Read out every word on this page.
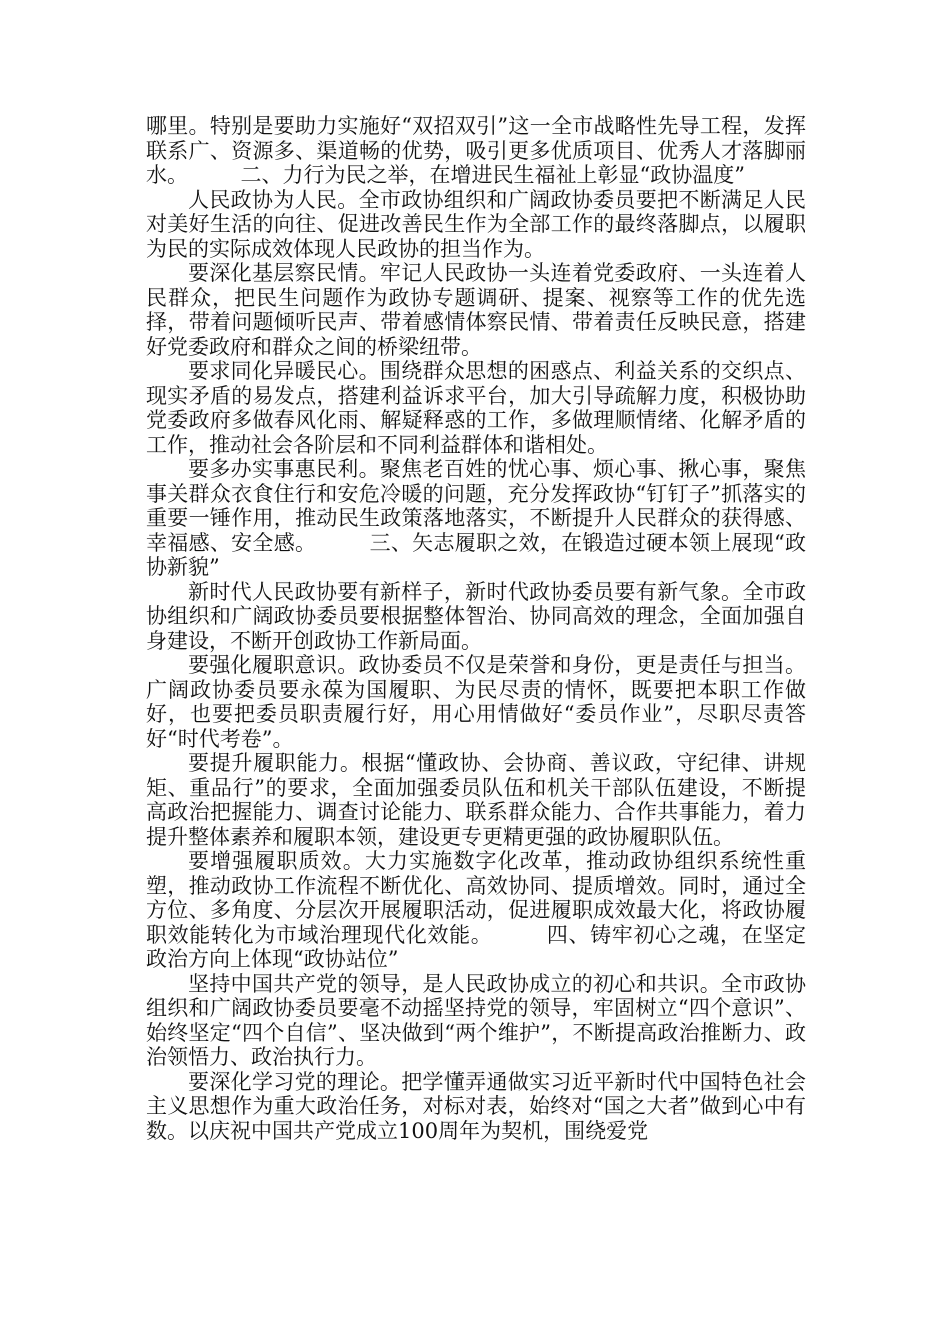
哪里。特别是要助力实施好“双招双引”这一全市战略性先导工程，发挥联系广、资源多、渠道畅的优势，吸引更多优质项目、优秀人才落脚丽水。　　　二、力行为民之举，在增进民生福祉上彰显“政协温度”

人民政协为人民。全市政协组织和广阔政协委员要把不断满足人民对美好生活的向往、促进改善民生作为全部工作的最终落脚点，以履职为民的实际成效体现人民政协的担当作为。

要深化基层察民情。牢记人民政协一头连着党委政府、一头连着人民群众，把民生问题作为政协专题调研、提案、视察等工作的优先选择，带着问题倾听民声、带着感情体察民情、带着责任反映民意，搭建好党委政府和群众之间的桥梁纽带。

要求同化异暖民心。围绕群众思想的困惑点、利益关系的交织点、现实矛盾的易发点，搭建利益诉求平台，加大引导疏解力度，积极协助党委政府多做春风化雨、解疑释惑的工作，多做理顺情绪、化解矛盾的工作，推动社会各阶层和不同利益群体和谐相处。

要多办实事惠民利。聚焦老百姓的忧心事、烦心事、揪心事，聚焦事关群众衣食住行和安危冷暖的问题，充分发挥政协“钉钉子”抓落实的重要一锤作用，推动民生政策落地落实，不断提升人民群众的获得感、幸福感、安全感。　　　三、矢志履职之效，在锻造过硬本领上展现“政协新貌”

新时代人民政协要有新样子，新时代政协委员要有新气象。全市政协组织和广阔政协委员要根据整体智治、协同高效的理念，全面加强自身建设，不断开创政协工作新局面。

要强化履职意识。政协委员不仅是荣誉和身份，更是责任与担当。广阔政协委员要永葆为国履职、为民尽责的情怀，既要把本职工作做好，也要把委员职责履行好，用心用情做好“委员作业”，尽职尽责答好“时代考卷”。

要提升履职能力。根据“懂政协、会协商、善议政，守纪律、讲规矩、重品行”的要求，全面加强委员队伍和机关干部队伍建设，不断提高政治把握能力、调查讨论能力、联系群众能力、合作共事能力，着力提升整体素养和履职本领，建设更专更精更强的政协履职队伍。

要增强履职质效。大力实施数字化改革，推动政协组织系统性重塑，推动政协工作流程不断优化、高效协同、提质增效。同时，通过全方位、多角度、分层次开展履职活动，促进履职成效最大化，将政协履职效能转化为市域治理现代化效能。　　　四、铸牢初心之魂，在坚定政治方向上体现“政协站位”

坚持中国共产党的领导，是人民政协成立的初心和共识。全市政协组织和广阔政协委员要毫不动摇坚持党的领导，牢固树立“四个意识”、始终坚定“四个自信”、坚决做到“两个维护”，不断提高政治推断力、政治领悟力、政治执行力。

要深化学习党的理论。把学懂弄通做实习近平新时代中国特色社会主义思想作为重大政治任务，对标对表，始终对“国之大者”做到心中有数。以庆祝中国共产党成立100周年为契机，围绕爱党
